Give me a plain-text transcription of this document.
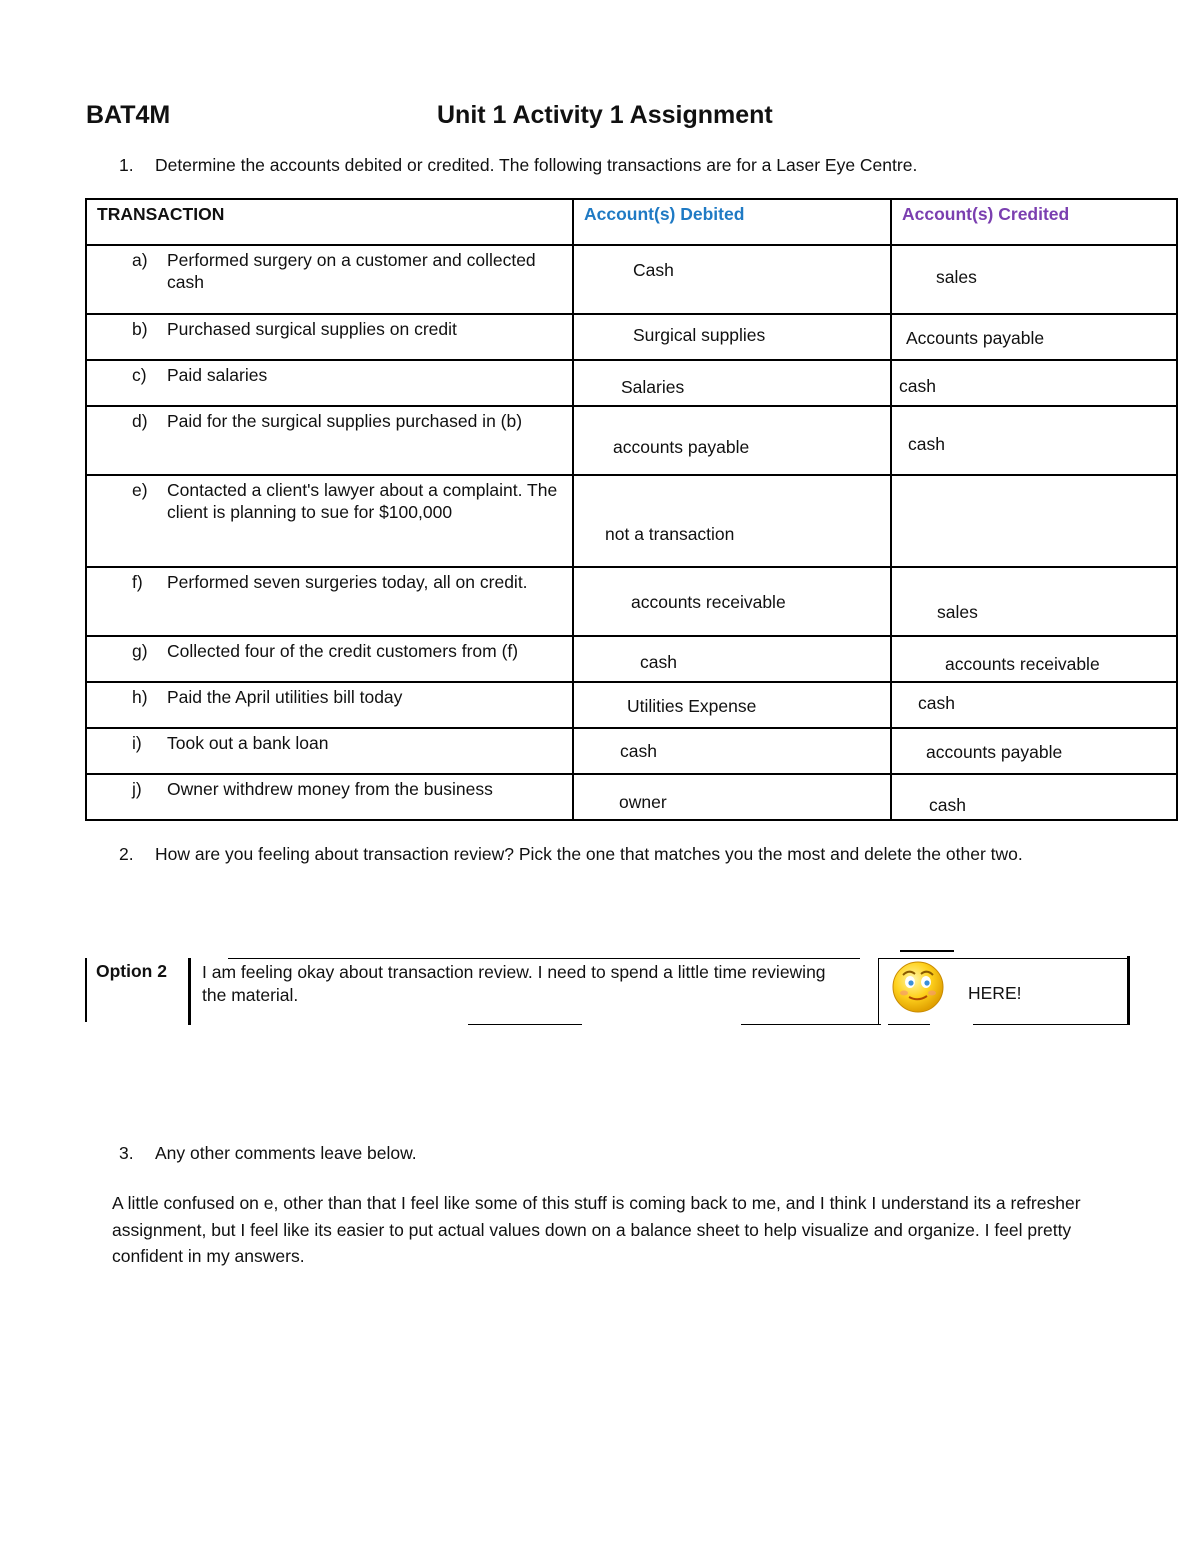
BAT4M	Unit 1 Activity 1 Assignment
1. Determine the accounts debited or credited. The following transactions are for a Laser Eye Centre.
TRANSACTION	Account(s) Debited	Account(s) Credited

a) Performed surgery on a customer and collected cash	Cash	sales

b) Purchased surgical supplies on credit	Surgical supplies	Accounts payable

c) Paid salaries	Salaries	cash

d) Paid for the surgical supplies purchased in (b)	accounts payable	cash

e) Contacted a client's lawyer about a complaint. The client is planning to sue for $100,000	not a transaction	

f) Performed seven surgeries today, all on credit.	accounts receivable	sales

g) Collected four of the credit customers from (f)	cash	accounts receivable

h) Paid the April utilities bill today	Utilities Expense	cash

i) Took out a bank loan	cash	accounts payable

j) Owner withdrew money from the business	owner	cash
2. How are you feeling about transaction review? Pick the one that matches you the most and delete the other two.
Option 2 I am feeling okay about transaction review. I need to spend a little time reviewing the material.	HERE!
3. Any other comments leave below.
A little confused on e, other than that I feel like some of this stuff is coming back to me, and I think I understand its a refresher assignment, but I feel like its easier to put actual values down on a balance sheet to help visualize and organize. I feel pretty confident in my answers.
